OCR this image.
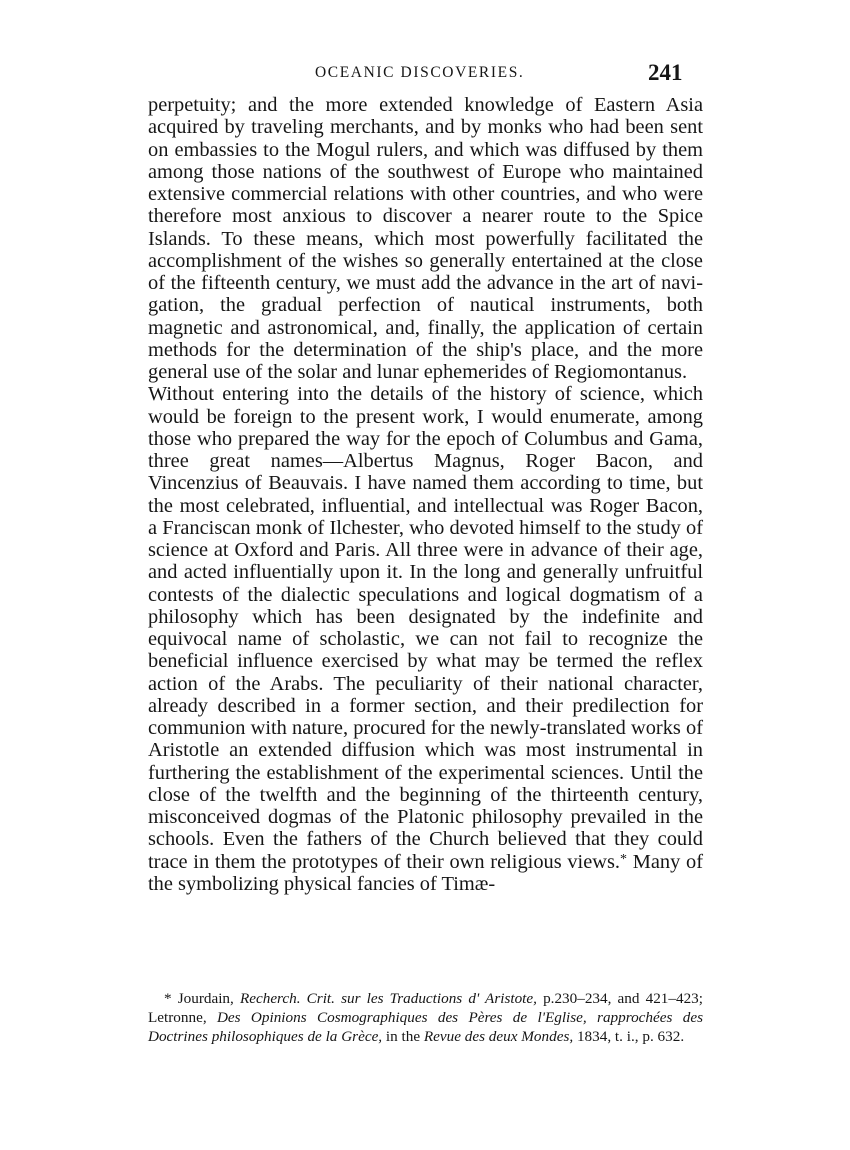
OCEANIC DISCOVERIES.	241

perpetuity; and the more extended knowledge of Eastern Asia acquired by traveling merchants, and by monks who had been sent on embassies to the Mogul rulers, and which was diffused by them among those nations of the southwest of Europe who maintained extensive commercial relations with other countries, and who were therefore most anxious to discover a nearer route to the Spice Islands. To these means, which most powerfully facilitated the accomplishment of the wishes so generally entertained at the close of the fifteenth century, we must add the advance in the art of navigation, the gradual perfection of nautical instruments, both magnetic and astronomical, and, finally, the application of certain methods for the determination of the ship's place, and the more general use of the solar and lunar ephemerides of Regiomontanus.

Without entering into the details of the history of science, which would be foreign to the present work, I would enumerate, among those who prepared the way for the epoch of Columbus and Gama, three great names—Albertus Magnus, Roger Bacon, and Vincenzius of Beauvais. I have named them according to time, but the most celebrated, influential, and intellectual was Roger Bacon, a Franciscan monk of Ilchester, who devoted himself to the study of science at Oxford and Paris. All three were in advance of their age, and acted influentially upon it. In the long and generally unfruitful contests of the dialectic speculations and logical dogmatism of a philosophy which has been designated by the indefinite and equivocal name of scholastic, we can not fail to recognize the beneficial influence exercised by what may be termed the reflex action of the Arabs. The peculiarity of their national character, already described in a former section, and their predilection for communion with nature, procured for the newly-translated works of Aristotle an extended diffusion which was most instrumental in furthering the establishment of the experimental sciences. Until the close of the twelfth and the beginning of the thirteenth century, misconceived dogmas of the Platonic philosophy prevailed in the schools. Even the fathers of the Church believed that they could trace in them the prototypes of their own religious views.* Many of the symbolizing physical fancies of Timæ-

* Jourdain, Recherch. Crit. sur les Traductions d' Aristote, p.230–234, and 421–423; Letronne, Des Opinions Cosmographiques des Pères de l'Eglise, rapprochées des Doctrines philosophiques de la Grèce, in the Revue des deux Mondes, 1834, t. i., p. 632.
